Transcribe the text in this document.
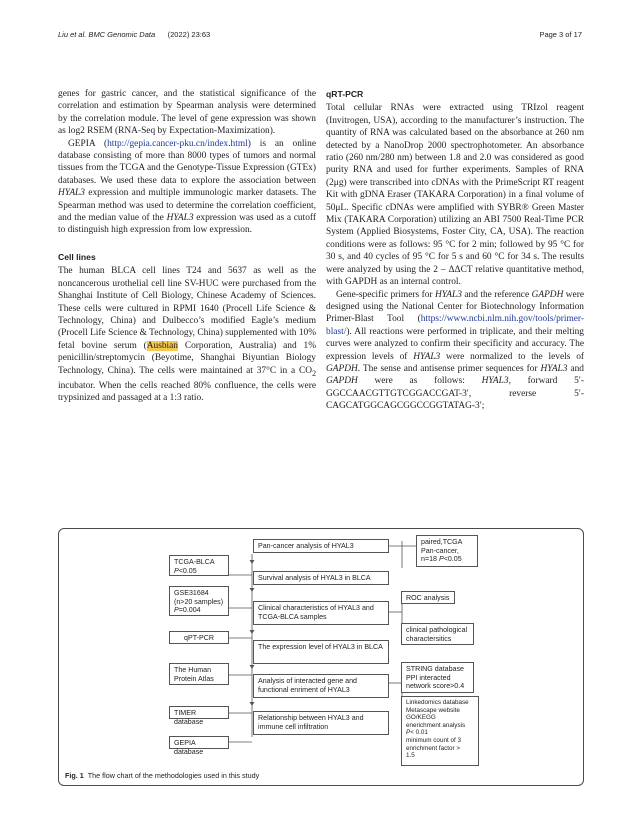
Liu et al. BMC Genomic Data (2022) 23:63	Page 3 of 17

genes for gastric cancer, and the statistical significance of the correlation and estimation by Spearman analysis were determined by the correlation module. The level of gene expression was shown as log2 RSEM (RNA-Seq by Expectation-Maximization).

GEPIA (http://gepia.cancer-pku.cn/index.html) is an online database consisting of more than 8000 types of tumors and normal tissues from the TCGA and the Genotype-Tissue Expression (GTEx) databases. We used these data to explore the association between HYAL3 expression and multiple immunologic marker datasets. The Spearman method was used to determine the correlation coefficient, and the median value of the HYAL3 expression was used as a cutoff to distinguish high expression from low expression.

Cell lines

The human BLCA cell lines T24 and 5637 as well as the noncancerous urothelial cell line SV-HUC were purchased from the Shanghai Institute of Cell Biology, Chinese Academy of Sciences. These cells were cultured in RPMI 1640 (Procell Life Science & Technology, China) and Dulbecco’s modified Eagle’s medium (Procell Life Science & Technology, China) supplemented with 10% fetal bovine serum (Ausbian Corporation, Australia) and 1% penicillin/streptomycin (Beyotime, Shanghai Biyuntian Biology Technology, China). The cells were maintained at 37°C in a $CO_2$ incubator. When the cells reached 80% confluence, the cells were trypsinized and passaged at a 1:3 ratio.

qRT-PCR

Total cellular RNAs were extracted using TRIzol reagent (Invitrogen, USA), according to the manufacturer’s instruction. The quantity of RNA was calculated based on the absorbance at 260 nm detected by a NanoDrop 2000 spectrophotometer. An absorbance ratio (260 nm/280 nm) between 1.8 and 2.0 was considered as good purity RNA and used for further experiments. Samples of RNA (2μg) were transcribed into cDNAs with the PrimeScript RT reagent Kit with gDNA Eraser (TAKARA Corporation) in a final volume of 50μL. Specific cDNAs were amplified with SYBR® Green Master Mix (TAKARA Corporation) utilizing an ABI 7500 Real-Time PCR System (Applied Biosystems, Foster City, CA, USA). The reaction conditions were as follows: 95 °C for 2 min; followed by 95 °C for 30 s, and 40 cycles of 95 °C for 5 s and 60 °C for 34 s. The results were analyzed by using the 2 – ΔΔCT relative quantitative method, with GAPDH as an internal control.

Gene-specific primers for HYAL3 and the reference GAPDH were designed using the National Center for Biotechnology Information Primer-Blast Tool (https://www.ncbi.nlm.nih.gov/tools/primer-blast/). All reactions were performed in triplicate, and their melting curves were analyzed to confirm their specificity and accuracy. The expression levels of HYAL3 were normalized to the levels of GAPDH. The sense and antisense primer sequences for HYAL3 and GAPDH were as follows: HYAL3, forward 5′-GGCCAACGTTGTCGGACCGAT-3′, reverse 5′-CAGCATGGCAGCGGCCGGTATAG-3′;

Pan-cancer analysis of HYAL3
Survival analysis of HYAL3 in BLCA
Clinical characteristics of HYAL3 and TCGA-BLCA samples
The expression level of HYAL3 in BLCA
Analysis of interacted gene and functional enriment of HYAL3
Relationship between HYAL3 and immune cell infiltration
TCGA-BLCA
P<0.05
GSE31684
(n>20 samples)
P=0.004
qPT-PCR
The Human
Protein Atlas
TIMER database
GEPIA database
paired,TCGA
Pan-cancer,
n=18 P<0.05
ROC analysis
clinical pathological charactersitics
STRING database
PPI interacted
network score>0.4
Linkedomics database
Metascape website
GO/KEGG
enerichment analysis
P< 0.01
minimum count of 3
enrichment factor >
1.5
Fig. 1 The flow chart of the methodologies used in this study
